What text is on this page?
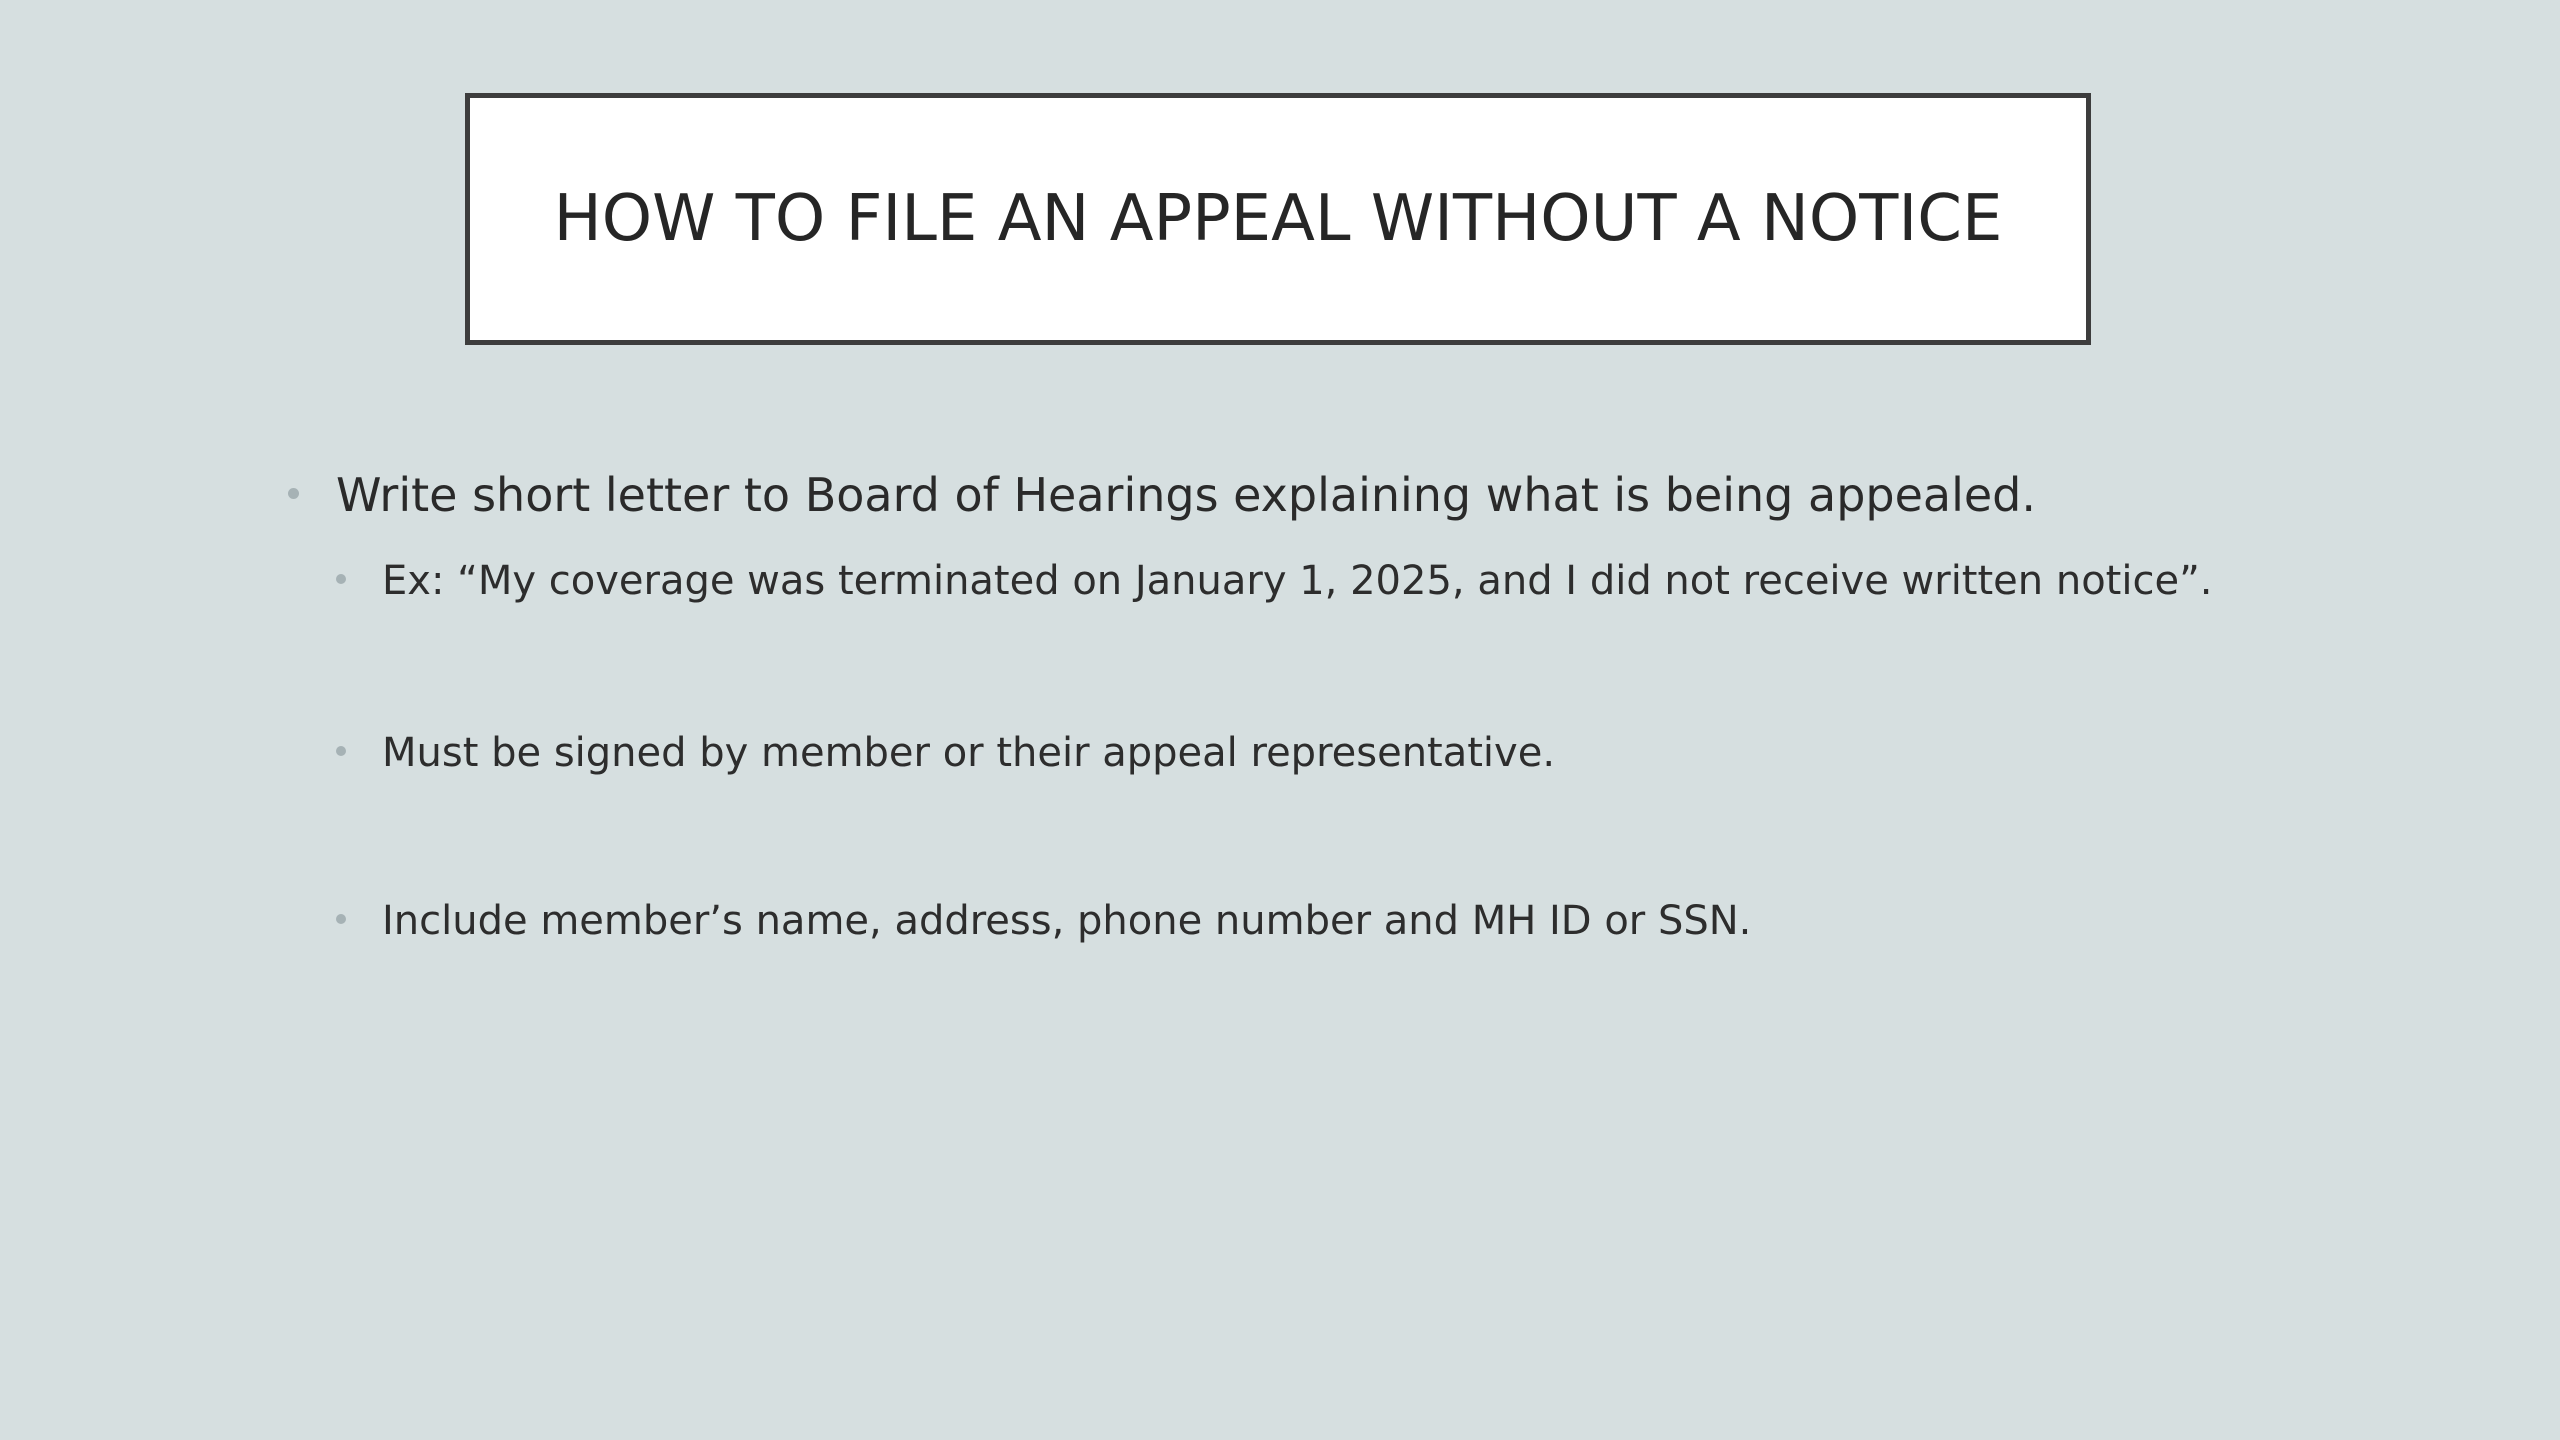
HOW TO FILE AN APPEAL WITHOUT A NOTICE
Write short letter to Board of Hearings explaining what is being appealed.
Ex: “My coverage was terminated on January 1, 2025, and I did not receive written notice”.
Must be signed by member or their appeal representative.
Include member’s name, address, phone number and MH ID or SSN.
